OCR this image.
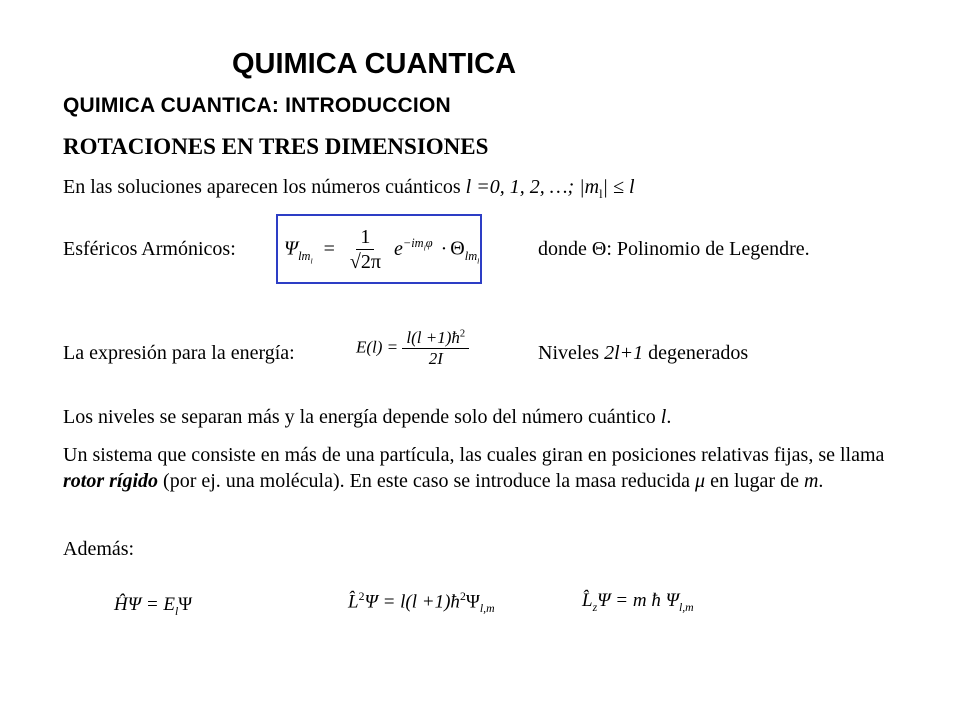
QUIMICA CUANTICA
QUIMICA CUANTICA: INTRODUCCION
ROTACIONES EN TRES DIMENSIONES
En las soluciones aparecen los números cuánticos l =0, 1, 2, …; $|m_l| \le l$
Esféricos Armónicos: $\Psi_{lm_l} = \frac{1}{√2\pi} e^{-im_l\varphi} \cdot \Theta_{lm_l}$
donde Θ: Polinomio de Legendre.
La expresión para la energía:	$E(l) = \frac{l(l +1)ħ^2}{2I}$	Niveles 2l+1 degenerados
Los niveles se separan más y la energía depende solo del número cuántico l.
Un sistema que consiste en más de una partícula, las cuales giran en posiciones relativas fijas, se llama rotor rígido (por ej. una molécula). En este caso se introduce la masa reducida μ en lugar de m.
Además:
ĤΨ = $E_l\Psi$	L̂$^2$Ψ = $l(l +1)ħ^2\Psi_{l,m}$	$L̂_z\Psi = m$ ħ $\Psi_{l,m}$
